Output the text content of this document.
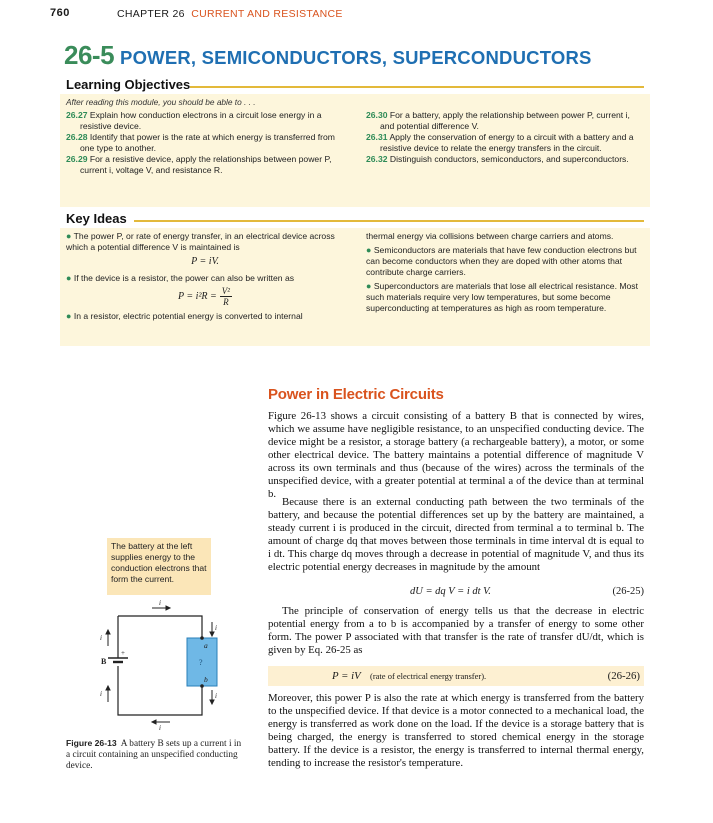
760	CHAPTER 26 CURRENT AND RESISTANCE
26-5 POWER, SEMICONDUCTORS, SUPERCONDUCTORS
Learning Objectives
After reading this module, you should be able to . . .

26.27 Explain how conduction electrons in a circuit lose energy in a resistive device.

26.28 Identify that power is the rate at which energy is transferred from one type to another.

26.29 For a resistive device, apply the relationships between power P, current i, voltage V, and resistance R.

26.30 For a battery, apply the relationship between power P, current i, and potential difference V.

26.31 Apply the conservation of energy to a circuit with a battery and a resistive device to relate the energy transfers in the circuit.

26.32 Distinguish conductors, semiconductors, and superconductors.

Key Ideas
● The power P, or rate of energy transfer, in an electrical device across which a potential difference V is maintained is
P = iV.
● If the device is a resistor, the power can also be written as
$P = i^2R = \frac{\text{V²}}{R}$
● In a resistor, electric potential energy is converted to internal
thermal energy via collisions between charge carriers and atoms.
● Semiconductors are materials that have few conduction electrons but can become conductors when they are doped with other atoms that contribute charge carriers.
● Superconductors are materials that lose all electrical resistance. Most such materials require very low temperatures, but some become superconducting at temperatures as high as room temperature.
The battery at the left supplies energy to the conduction electrons that form the current.
B
+
a
b
?
i
i
i
i
i
i
Figure 26-13 A battery B sets up a current i in a circuit containing an unspecified conducting device.
Power in Electric Circuits
Figure 26-13 shows a circuit consisting of a battery B that is connected by wires, which we assume have negligible resistance, to an unspecified conducting device. The device might be a resistor, a storage battery (a rechargeable battery), a motor, or some other electrical device. The battery maintains a potential difference of magnitude V across its own terminals and thus (because of the wires) across the terminals of the unspecified device, with a greater potential at terminal a of the device than at terminal b.
Because there is an external conducting path between the two terminals of the battery, and because the potential differences set up by the battery are maintained, a steady current i is produced in the circuit, directed from terminal a to terminal b. The amount of charge dq that moves between those terminals in time interval dt is equal to i dt. This charge dq moves through a decrease in potential of magnitude V, and thus its electric potential energy decreases in magnitude by the amount
dU = dq V = i dt V.	(26-25)
The principle of conservation of energy tells us that the decrease in electric potential energy from a to b is accompanied by a transfer of energy to some other form. The power P associated with that transfer is the rate of transfer dU/dt, which is given by Eq. 26-25 as
P = iV (rate of electrical energy transfer).	(26-26)
Moreover, this power P is also the rate at which energy is transferred from the battery to the unspecified device. If that device is a motor connected to a mechanical load, the energy is transferred as work done on the load. If the device is a storage battery that is being charged, the energy is transferred to stored chemical energy in the storage battery. If the device is a resistor, the energy is transferred to internal thermal energy, tending to increase the resistor's temperature.
